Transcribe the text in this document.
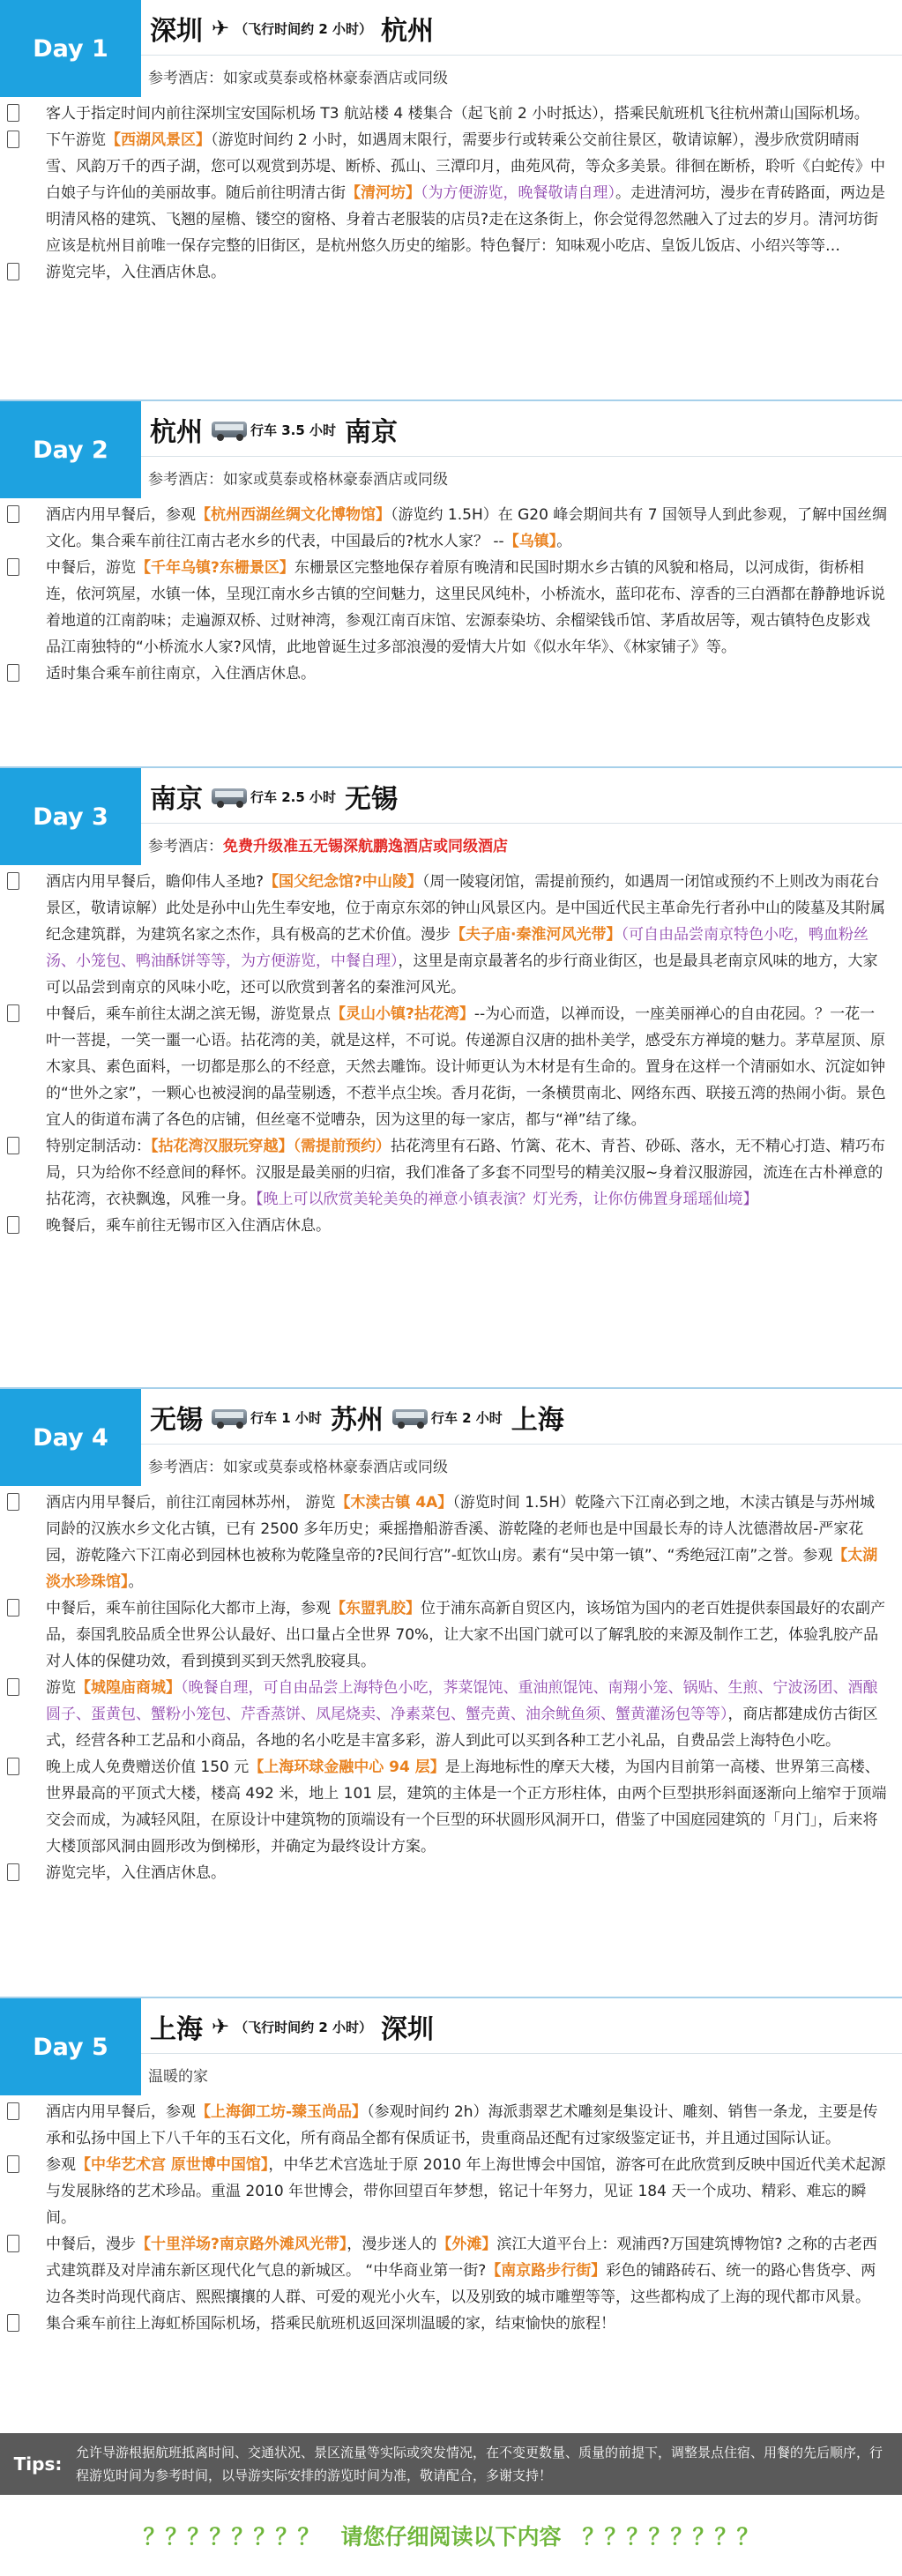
Day 1
深圳 ✈ （飞行时间约 2 小时） 杭州
参考酒店： 如家或莫泰或格林豪泰酒店或同级
客人于指定时间内前往深圳宝安国际机场 T3 航站楼 4 楼集合（起飞前 2 小时抵达），搭乘民航班机飞往杭州萧山国际机场。
下午游览【西湖风景区】（游览时间约 2 小时，如遇周末限行，需要步行或转乘公交前往景区，敬请谅解），漫步欣赏阴晴雨雪、风韵万千的西子湖，您可以观赏到苏堤、断桥、孤山、三潭印月，曲苑风荷，等众多美景。徘徊在断桥，聆听《白蛇传》中白娘子与许仙的美丽故事。随后前往明清古街【清河坊】（为方便游览，晚餐敬请自理）。走进清河坊，漫步在青砖路面，两边是明清风格的建筑、飞翘的屋檐、镂空的窗格、身着古老服装的店员?走在这条街上，你会觉得忽然融入了过去的岁月。清河坊街应该是杭州目前唯一保存完整的旧街区，是杭州悠久历史的缩影。特色餐厅：知味观小吃店、皇饭儿饭店、小绍兴等等…
游览完毕，入住酒店休息。
Day 2
杭州	行车 3.5 小时 南京
参考酒店： 如家或莫泰或格林豪泰酒店或同级
酒店内用早餐后，参观【杭州西湖丝绸文化博物馆】（游览约 1.5H）在 G20 峰会期间共有 7 国领导人到此参观，了解中国丝绸文化。集合乘车前往江南古老水乡的代表，中国最后的?枕水人家？ --【乌镇】。
中餐后，游览【千年乌镇?东栅景区】东栅景区完整地保存着原有晚清和民国时期水乡古镇的风貌和格局，以河成街，街桥相连，依河筑屋，水镇一体，呈现江南水乡古镇的空间魅力，这里民风纯朴，小桥流水，蓝印花布、淳香的三白酒都在静静地诉说着地道的江南韵味；走遍源双桥、过财神湾，参观江南百床馆、宏源泰染坊、余榴梁钱币馆、茅盾故居等，观古镇特色皮影戏 品江南独特的“小桥流水人家?风情，此地曾诞生过多部浪漫的爱情大片如《似水年华》、《林家铺子》等。
适时集合乘车前往南京，入住酒店休息。
Day 3
南京	行车 2.5 小时 无锡
参考酒店： 免费升级准五无锡深航鹏逸酒店或同级酒店
酒店内用早餐后，瞻仰伟人圣地?【国父纪念馆?中山陵】（周一陵寝闭馆，需提前预约，如遇周一闭馆或预约不上则改为雨花台景区，敬请谅解）此处是孙中山先生奉安地，位于南京东郊的钟山风景区内。是中国近代民主革命先行者孙中山的陵墓及其附属纪念建筑群，为建筑名家之杰作，具有极高的艺术价值。漫步【夫子庙·秦淮河风光带】（可自由品尝南京特色小吃，鸭血粉丝汤、小笼包、鸭油酥饼等等，为方便游览，中餐自理），这里是南京最著名的步行商业街区，也是最具老南京风味的地方，大家可以品尝到南京的风味小吃，还可以欣赏到著名的秦淮河风光。
中餐后，乘车前往太湖之滨无锡，游览景点【灵山小镇?拈花湾】--为心而造，以禅而设，一座美丽禅心的自由花园。？一花一叶一菩提，一笑一噩一心语。拈花湾的美，就是这样，不可说。传递源自汉唐的拙朴美学，感受东方禅境的魅力。茅草屋顶、原木家具、素色面料，一切都是那么的不经意，天然去雕饰。设计师更认为木材是有生命的。置身在这样一个清丽如水、沉淀如钟的“世外之家”，一颗心也被浸润的晶莹剔透，不惹半点尘埃。香月花街，一条横贯南北、网络东西、联接五湾的热闹小街。景色宜人的街道布满了各色的店铺，但丝毫不觉嘈杂，因为这里的每一家店，都与“禅”结了缘。
特别定制活动：【拈花湾汉服玩穿越】（需提前预约）拈花湾里有石路、竹篱、花木、青苔、砂砾、落水，无不精心打造、精巧布局，只为给你不经意间的释怀。汉服是最美丽的归宿，我们准备了多套不同型号的精美汉服~身着汉服游园，流连在古朴禅意的拈花湾，衣袂飘逸，风雅一身。【晚上可以欣赏美轮美奂的禅意小镇表演？灯光秀，让你仿佛置身瑶瑶仙境】
晚餐后，乘车前往无锡市区入住酒店休息。
Day 4
无锡	行车 1 小时 苏州	行车 2 小时 上海
参考酒店： 如家或莫泰或格林豪泰酒店或同级
酒店内用早餐后，前往江南园林苏州， 游览【木渎古镇 4A】（游览时间 1.5H）乾隆六下江南必到之地，木渎古镇是与苏州城同龄的汉族水乡文化古镇，已有 2500 多年历史；乘摇撸船游香溪、游乾隆的老师也是中国最长寿的诗人沈德潜故居-严家花园，游乾隆六下江南必到园林也被称为乾隆皇帝的?民间行宫”-虹饮山房。素有“吴中第一镇”、“秀绝冠江南”之誉。参观【太湖淡水珍珠馆】。
中餐后，乘车前往国际化大都市上海，参观【东盟乳胶】位于浦东高新自贸区内，该场馆为国内的老百姓提供泰国最好的农副产品，泰国乳胶品质全世界公认最好、出口量占全世界 70%，让大家不出国门就可以了解乳胶的来源及制作工艺，体验乳胶产品对人体的保健功效，看到摸到买到天然乳胶寝具。
游览【城隍庙商城】（晚餐自理，可自由品尝上海特色小吃，荠菜馄饨、重油煎馄饨、南翔小笼、锅贴、生煎、宁波汤团、酒酿圆子、蛋黄包、蟹粉小笼包、芹香蒸饼、凤尾烧卖、净素菜包、蟹壳黄、油余鱿鱼须、蟹黄灌汤包等等），商店都建成仿古街区式，经营各种工艺品和小商品，各地的名小吃是丰富多彩，游人到此可以买到各种工艺小礼品，自费品尝上海特色小吃。
晚上成人免费赠送价值 150 元【上海环球金融中心 94 层】是上海地标性的摩天大楼，为国内目前第一高楼、世界第三高楼、世界最高的平顶式大楼，楼高 492 米，地上 101 层，建筑的主体是一个正方形柱体，由两个巨型拱形斜面逐渐向上缩窄于顶端交会而成，为减轻风阻，在原设计中建筑物的顶端设有一个巨型的环状圆形风洞开口，借鉴了中国庭园建筑的「月门」，后来将大楼顶部风洞由圆形改为倒梯形，并确定为最终设计方案。
游览完毕，入住酒店休息。
Day 5
上海 ✈ （飞行时间约 2 小时） 深圳
温暖的家
酒店内用早餐后，参观【上海御工坊-臻玉尚品】（参观时间约 2h）海派翡翠艺术雕刻是集设计、雕刻、销售一条龙，主要是传承和弘扬中国上下八千年的玉石文化，所有商品全都有保质证书，贵重商品还配有过家级鉴定证书，并且通过国际认证。
参观【中华艺术宫 原世博中国馆】，中华艺术宫选址于原 2010 年上海世博会中国馆，游客可在此欣赏到反映中国近代美术起源与发展脉络的艺术珍品。重温 2010 年世博会，带你回望百年梦想，铭记十年努力，见证 184 天一个成功、精彩、难忘的瞬间。
中餐后，漫步【十里洋场?南京路外滩风光带】，漫步迷人的【外滩】滨江大道平台上：观浦西?万国建筑博物馆? 之称的古老西式建筑群及对岸浦东新区现代化气息的新城区。 “中华商业第一街?【南京路步行街】彩色的铺路砖石、统一的路心售货亭、两边各类时尚现代商店、熙熙攘攘的人群、可爱的观光小火车，以及别致的城市雕塑等等，这些都构成了上海的现代都市风景。
集合乘车前往上海虹桥国际机场，搭乘民航班机返回深圳温暖的家，结束愉快的旅程！
Tips:
允许导游根据航班抵离时间、交通状况、景区流量等实际或突发情况，在不变更数量、质量的前提下，调整景点住宿、用餐的先后顺序，行程游览时间为参考时间，以导游实际安排的游览时间为准，敬请配合，多谢支持！
？？？？？？？？ 请您仔细阅读以下内容 ？？？？？？？？
